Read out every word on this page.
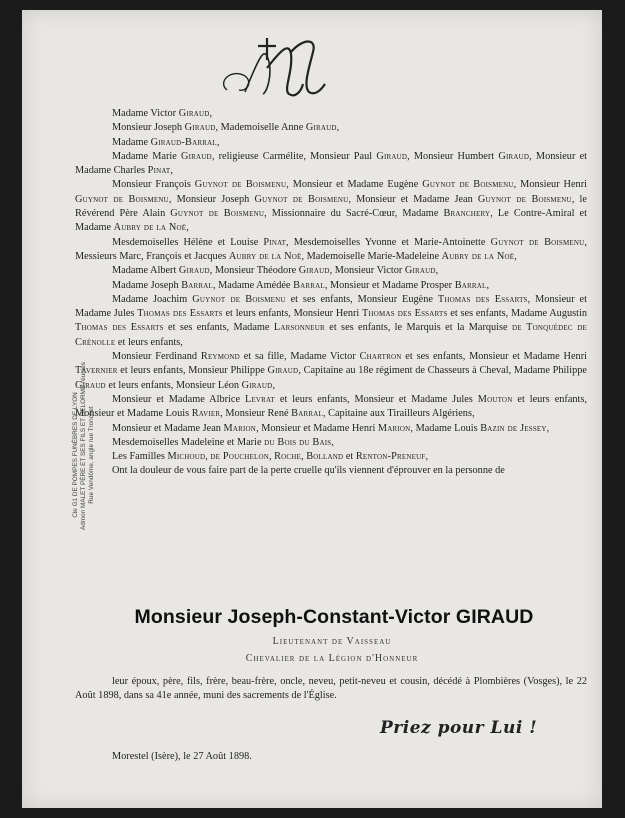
Madame Victor Giraud,

Monsieur Joseph Giraud, Mademoiselle Anne Giraud,

Madame Giraud-Barral,

Madame Marie Giraud, religieuse Carmélite, Monsieur Paul Giraud, Monsieur Humbert Giraud, Monsieur et Madame Charles Pinat,

Monsieur François Guynot de Boismenu, Monsieur et Madame Eugène Guynot de Boismenu, Monsieur Henri Guynot de Boismenu, Monsieur Joseph Guynot de Boismenu, Monsieur et Madame Jean Guynot de Boismenu, le Révérend Père Alain Guynot de Boismenu, Missionnaire du Sacré-Cœur, Madame Branchery, Le Contre-Amiral et Madame Aubry de la Noë,

Mesdemoiselles Hélène et Louise Pinat, Mesdemoiselles Yvonne et Marie-Antoinette Guynot de Boismenu, Messieurs Marc, François et Jacques Aubry de la Noë, Mademoiselle Marie-Madeleine Aubry de la Noë,

Madame Albert Giraud, Monsieur Théodore Giraud, Monsieur Victor Giraud,

Madame Joseph Barral, Madame Amédée Barral, Monsieur et Madame Prosper Barral,

Madame Joachim Guynot de Boismenu et ses enfants, Monsieur Eugène Thomas des Essarts, Monsieur et Madame Jules Thomas des Essarts et leurs enfants, Monsieur Henri Thomas des Essarts et ses enfants, Madame Augustin Thomas des Essarts et ses enfants, Madame Larsonneur et ses enfants, le Marquis et la Marquise de Tonquédec de Crénolle et leurs enfants,

Monsieur Ferdinand Reymond et sa fille, Madame Victor Chartron et ses enfants, Monsieur et Madame Henri Tavernier et leurs enfants, Monsieur Philippe Giraud, Capitaine au 18e régiment de Chasseurs à Cheval, Madame Philippe Giraud et leurs enfants, Monsieur Léon Giraud,

Monsieur et Madame Albrice Levrat et leurs enfants, Monsieur et Madame Jules Mouton et leurs enfants, Monsieur et Madame Louis Ravier, Monsieur René Barral, Capitaine aux Tirailleurs Algériens,

Monsieur et Madame Jean Marion, Monsieur et Madame Henri Marion, Madame Louis Bazin de Jessey,

Mesdemoiselles Madeleine et Marie du Bois du Bais,

Les Familles Michoud, de Pouchelon, Roche, Bolland et Renton-Preneuf,

Ont la douleur de vous faire part de la perte cruelle qu'ils viennent d'éprouver en la personne de

Monsieur Joseph-Constant-Victor GIRAUD
Lieutenant de Vaisseau
Chevalier de la Légion d'Honneur
leur époux, père, fils, frère, beau-frère, oncle, neveu, petit-neveu et cousin, décédé à Plombières (Vosges), le 22 Août 1898, dans sa 41e année, muni des sacrements de l'Église.
Priez pour Lui !
Morestel (Isère), le 27 Août 1898.
Cie G1 DE POMPES FUNÈBRES DE LYON Admon MALET PÈRE ET SES FILS ET DELORME réunies Rue Vendôme, angle rue Tronchet
